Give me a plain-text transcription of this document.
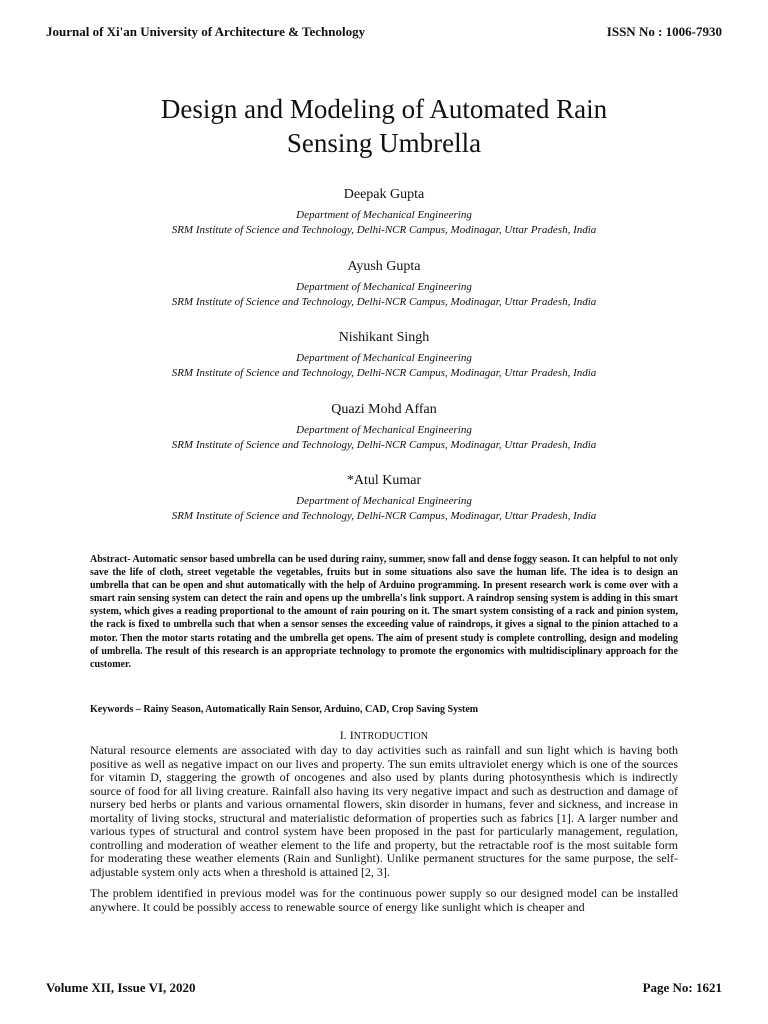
Journal of Xi'an University of Architecture & Technology	ISSN No : 1006-7930
Design and Modeling of Automated Rain
Sensing Umbrella
Deepak Gupta
Department of Mechanical Engineering
SRM Institute of Science and Technology, Delhi-NCR Campus, Modinagar, Uttar Pradesh, India
Ayush Gupta
Department of Mechanical Engineering
SRM Institute of Science and Technology, Delhi-NCR Campus, Modinagar, Uttar Pradesh, India
Nishikant Singh
Department of Mechanical Engineering
SRM Institute of Science and Technology, Delhi-NCR Campus, Modinagar, Uttar Pradesh, India
Quazi Mohd Affan
Department of Mechanical Engineering
SRM Institute of Science and Technology, Delhi-NCR Campus, Modinagar, Uttar Pradesh, India
*Atul Kumar
Department of Mechanical Engineering
SRM Institute of Science and Technology, Delhi-NCR Campus, Modinagar, Uttar Pradesh, India
Abstract- Automatic sensor based umbrella can be used during rainy, summer, snow fall and dense foggy season. It can helpful to not only save the life of cloth, street vegetable the vegetables, fruits but in some situations also save the human life. The idea is to design an umbrella that can be open and shut automatically with the help of Arduino programming. In present research work is come over with a smart rain sensing system can detect the rain and opens up the umbrella's link support. A raindrop sensing system is adding in this smart system, which gives a reading proportional to the amount of rain pouring on it. The smart system consisting of a rack and pinion system, the rack is fixed to umbrella such that when a sensor senses the exceeding value of raindrops, it gives a signal to the pinion attached to a motor. Then the motor starts rotating and the umbrella get opens. The aim of present study is complete controlling, design and modeling of umbrella. The result of this research is an appropriate technology to promote the ergonomics with multidisciplinary approach for the customer.
Keywords – Rainy Season, Automatically Rain Sensor, Arduino, CAD, Crop Saving System
I. INTRODUCTION

Natural resource elements are associated with day to day activities such as rainfall and sun light which is having both positive as well as negative impact on our lives and property. The sun emits ultraviolet energy which is one of the sources for vitamin D, staggering the growth of oncogenes and also used by plants during photosynthesis which is indirectly source of food for all living creature. Rainfall also having its very negative impact and such as destruction and damage of nursery bed herbs or plants and various ornamental flowers, skin disorder in humans, fever and sickness, and increase in mortality of living stocks, structural and materialistic deformation of properties such as fabrics [1]. A larger number and various types of structural and control system have been proposed in the past for particularly management, regulation, controlling and moderation of weather element to the life and property, but the retractable roof is the most suitable form for moderating these weather elements (Rain and Sunlight). Unlike permanent structures for the same purpose, the self-adjustable system only acts when a threshold is attained [2, 3].

The problem identified in previous model was for the continuous power supply so our designed model can be installed anywhere. It could be possibly access to renewable source of energy like sunlight which is cheaper and

Volume XII, Issue VI, 2020	Page No: 1621
